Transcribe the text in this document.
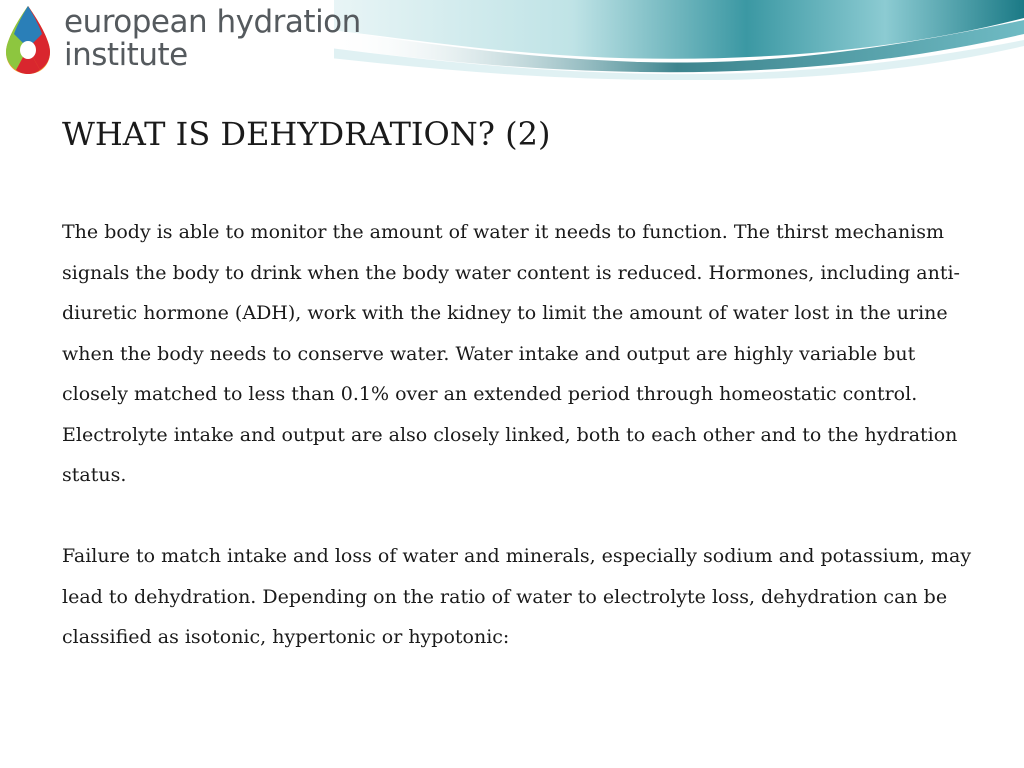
european hydration
institute
WHAT IS DEHYDRATION? (2)

The body is able to monitor the amount of water it needs to function. The thirst mechanism signals the body to drink when the body water content is reduced. Hormones, including anti-diuretic hormone (ADH), work with the kidney to limit the amount of water lost in the urine when the body needs to conserve water. Water intake and output are highly variable but closely matched to less than 0.1% over an extended period through homeostatic control. Electrolyte intake and output are also closely linked, both to each other and to the hydration status.

Failure to match intake and loss of water and minerals, especially sodium and potassium, may lead to dehydration. Depending on the ratio of water to electrolyte loss, dehydration can be classified as isotonic, hypertonic or hypotonic:
